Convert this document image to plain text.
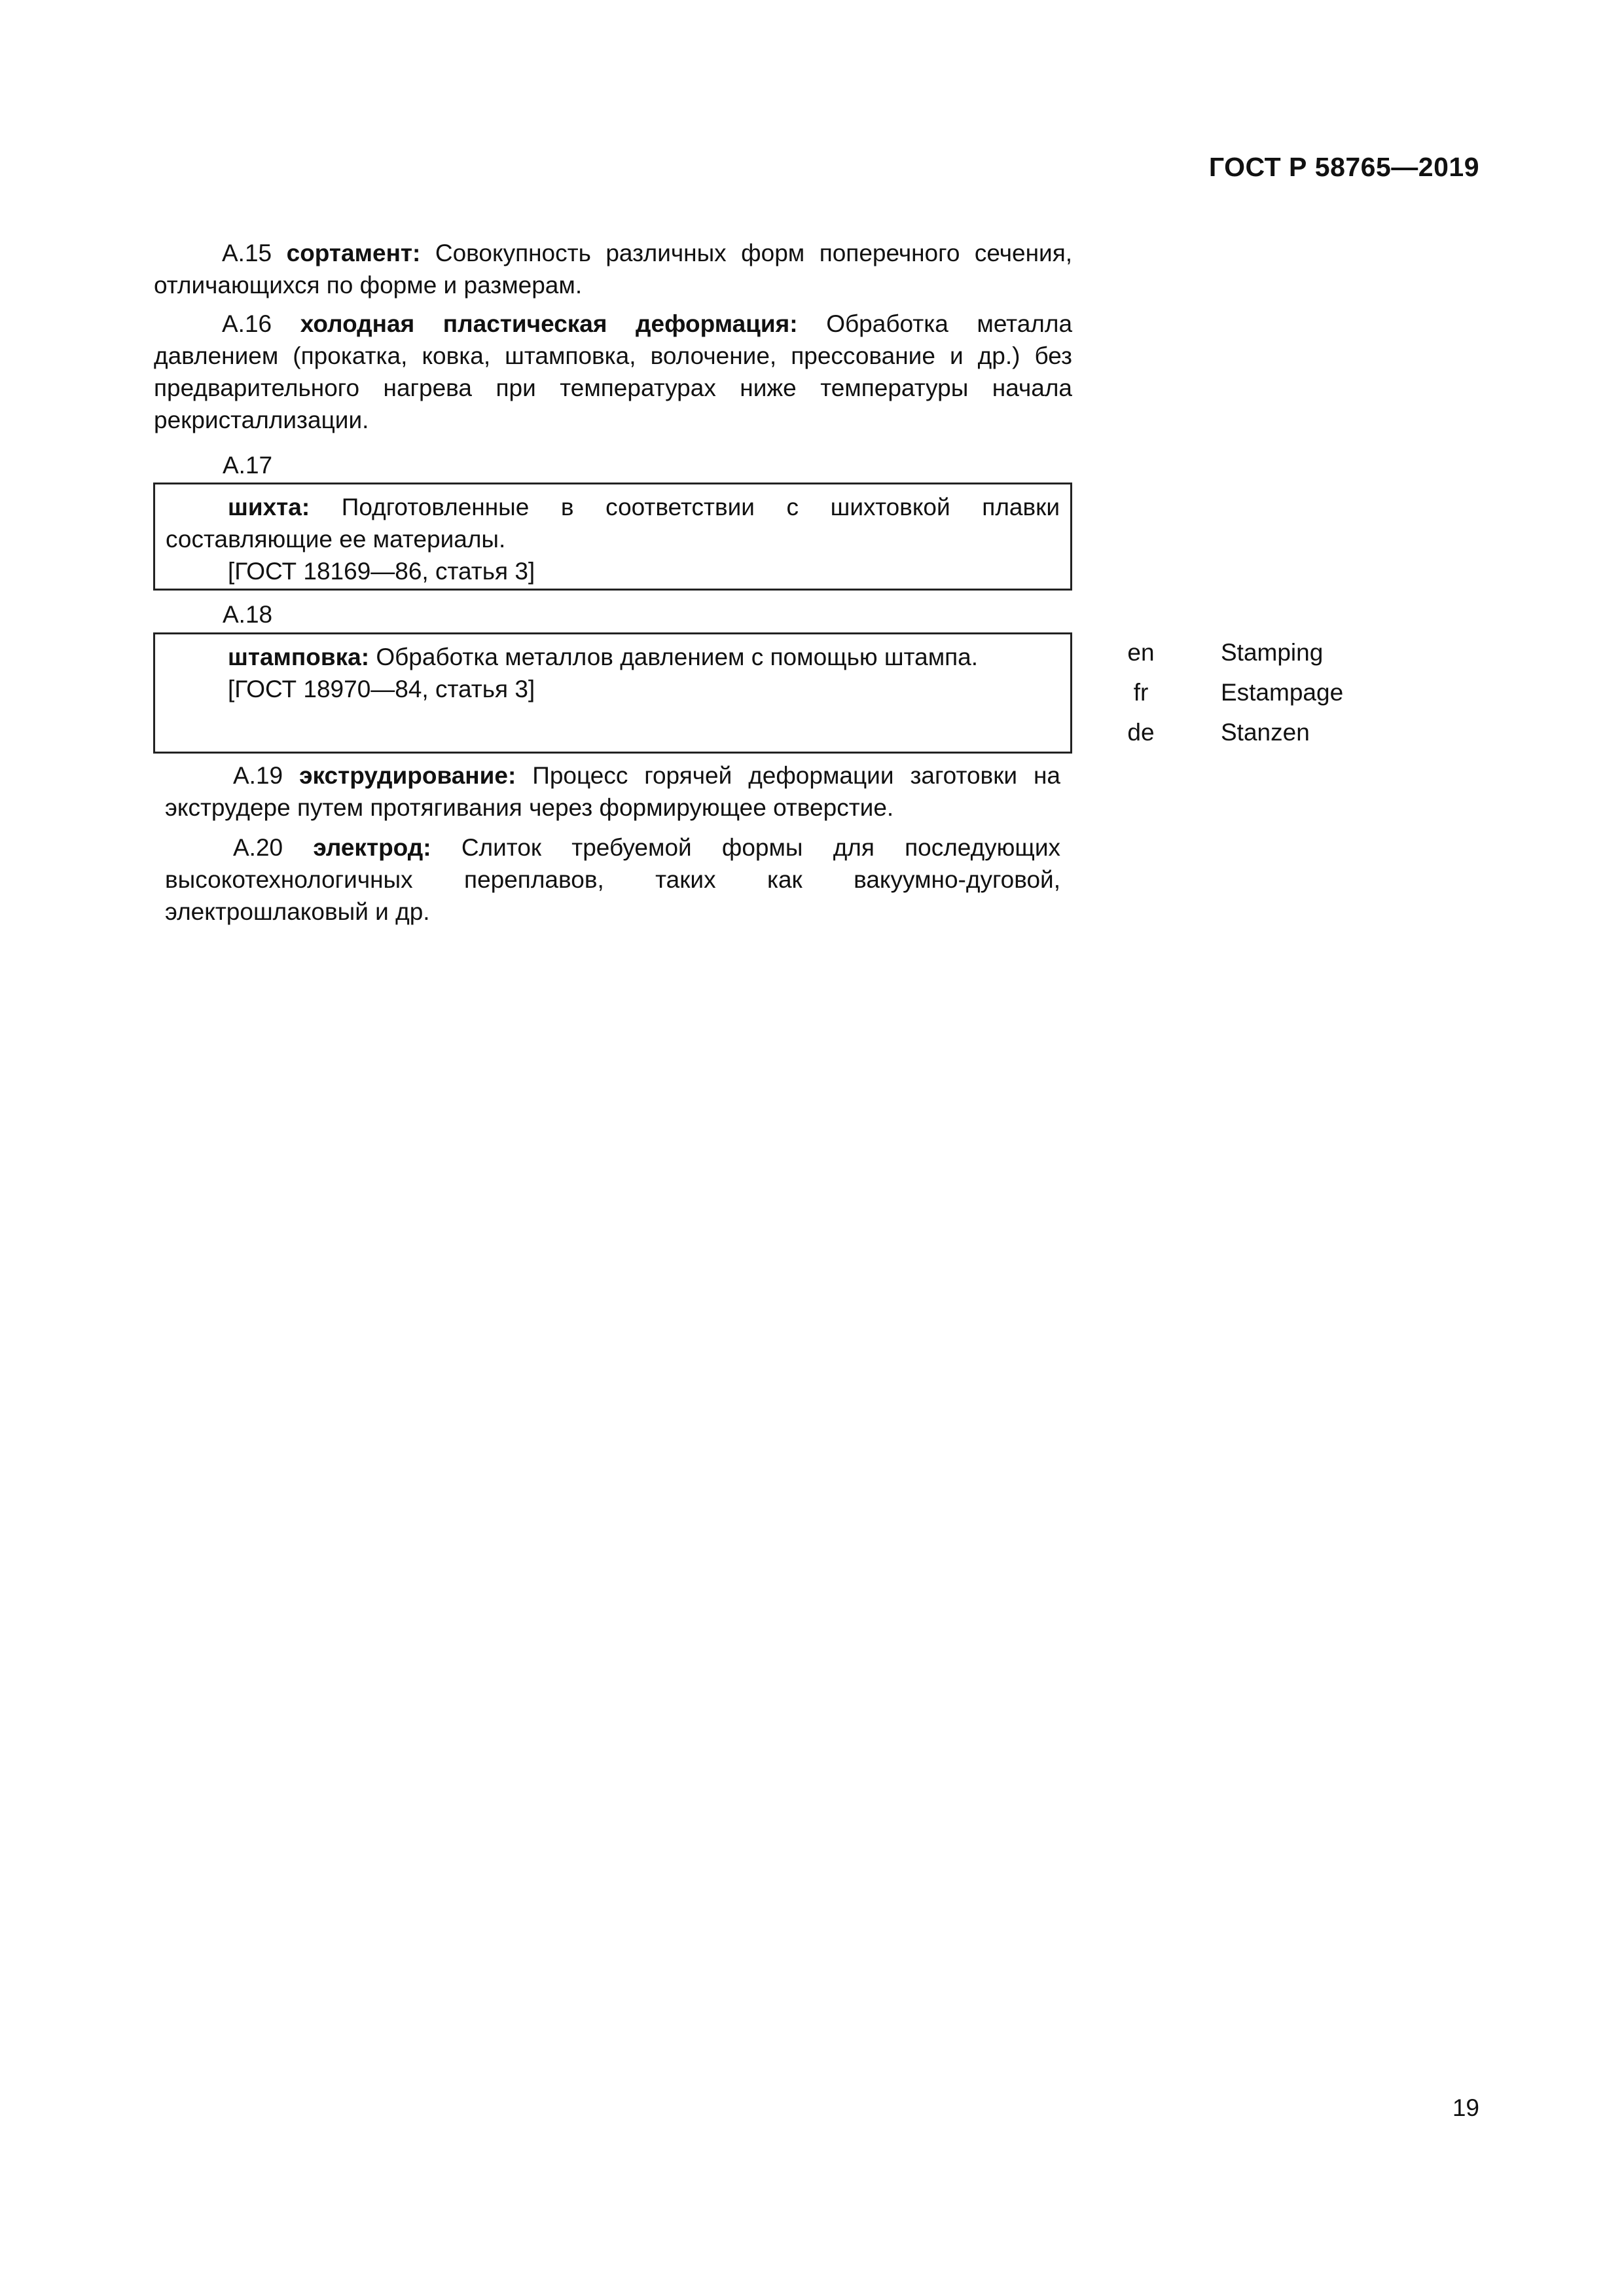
ГОСТ Р 58765—2019

А.15 сортамент: Совокупность различных форм поперечного сечения, отличающихся по форме и размерам.

А.16 холодная пластическая деформация: Обработка металла давлением (прокатка, ковка, штамповка, волочение, прессование и др.) без предварительного нагрева при температурах ниже температуры начала рекристаллизации.

А.17

шихта: Подготовленные в соответствии с шихтовкой плавки составляющие ее материалы.

[ГОСТ 18169—86, статья 3]
А.18

штамповка: Обработка металлов давлением с помощью штампа.

[ГОСТ 18970—84, статья 3]
en	Stamping
fr	Estampage
de	Stanzen

А.19 экструдирование: Процесс горячей деформации заготовки на экструдере путем протягивания через формирующее отверстие.

А.20 электрод: Слиток требуемой формы для последующих высокотехнологичных переплавов, таких как вакуумно-дуговой, электрошлаковый и др.

19
